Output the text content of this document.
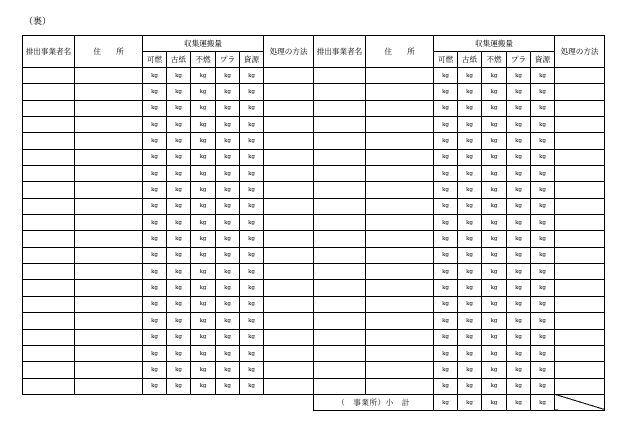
（裏）
排出事業者名	住　　所	収集運搬量					処理の方法	排出事業者名	住　　所	収集運搬量					処理の方法
		可燃	古紙	不燃	プラ	資源				可燃	古紙	不燃	プラ	資源	
		kg	kg	kg	kg	kg				kg	kg	kg	kg	kg	
		kg	kg	kg	kg	kg				kg	kg	kg	kg	kg	
		kg	kg	kg	kg	kg				kg	kg	kg	kg	kg	
		kg	kg	kg	kg	kg				kg	kg	kg	kg	kg	
		kg	kg	kg	kg	kg				kg	kg	kg	kg	kg	
		kg	kg	kg	kg	kg				kg	kg	kg	kg	kg	
		kg	kg	kg	kg	kg				kg	kg	kg	kg	kg	
		kg	kg	kg	kg	kg				kg	kg	kg	kg	kg	
		kg	kg	kg	kg	kg				kg	kg	kg	kg	kg	
		kg	kg	kg	kg	kg				kg	kg	kg	kg	kg	
		kg	kg	kg	kg	kg				kg	kg	kg	kg	kg	
		kg	kg	kg	kg	kg				kg	kg	kg	kg	kg	
		kg	kg	kg	kg	kg				kg	kg	kg	kg	kg	
		kg	kg	kg	kg	kg				kg	kg	kg	kg	kg	
		kg	kg	kg	kg	kg				kg	kg	kg	kg	kg	
		kg	kg	kg	kg	kg				kg	kg	kg	kg	kg	
		kg	kg	kg	kg	kg				kg	kg	kg	kg	kg	
		kg	kg	kg	kg	kg				kg	kg	kg	kg	kg	
		kg	kg	kg	kg	kg				kg	kg	kg	kg	kg	
		kg	kg	kg	kg	kg				kg	kg	kg	kg	kg	
								（　事業所）小　計		kg	kg	kg	kg	kg	
